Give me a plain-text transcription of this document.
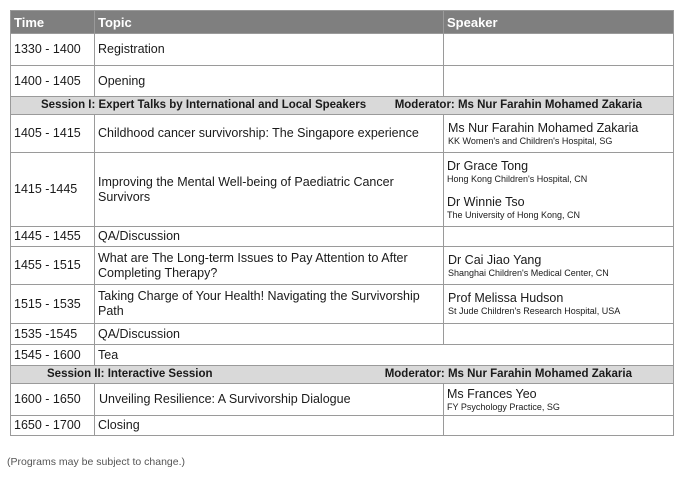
Time	Topic	Speaker
1330 - 1400	Registration	
1400 - 1405	Opening	

Session I: Expert Talks by International and Local Speakers Moderator: Ms Nur Farahin Mohamed Zakaria		

1405 - 1415	Childhood cancer survivorship: The Singapore experience	Ms Nur Farahin Mohamed Zakaria
KK Women's and Children's Hospital, SG

1415 -1445	Improving the Mental Well-being of Paediatric Cancer Survivors	Dr Grace Tong
Hong Kong Children's Hospital, CN
Dr Winnie Tso
The University of Hong Kong, CN

1445 - 1455	QA/Discussion	
1455 - 1515	What are The Long-term Issues to Pay Attention to After Completing Therapy?	Dr Cai Jiao Yang
Shanghai Children's Medical Center, CN

1515 - 1535	Taking Charge of Your Health! Navigating the Survivorship Path	Prof Melissa Hudson
St Jude Children's Research Hospital, USA

1535 -1545	QA/Discussion	
1545 - 1600	Tea	

Session II: Interactive Session Moderator: Ms Nur Farahin Mohamed Zakaria		

1600 - 1650	Unveiling Resilience: A Survivorship Dialogue	Ms Frances Yeo
FY Psychology Practice, SG

1650 - 1700	Closing	
(Programs may be subject to change.)
